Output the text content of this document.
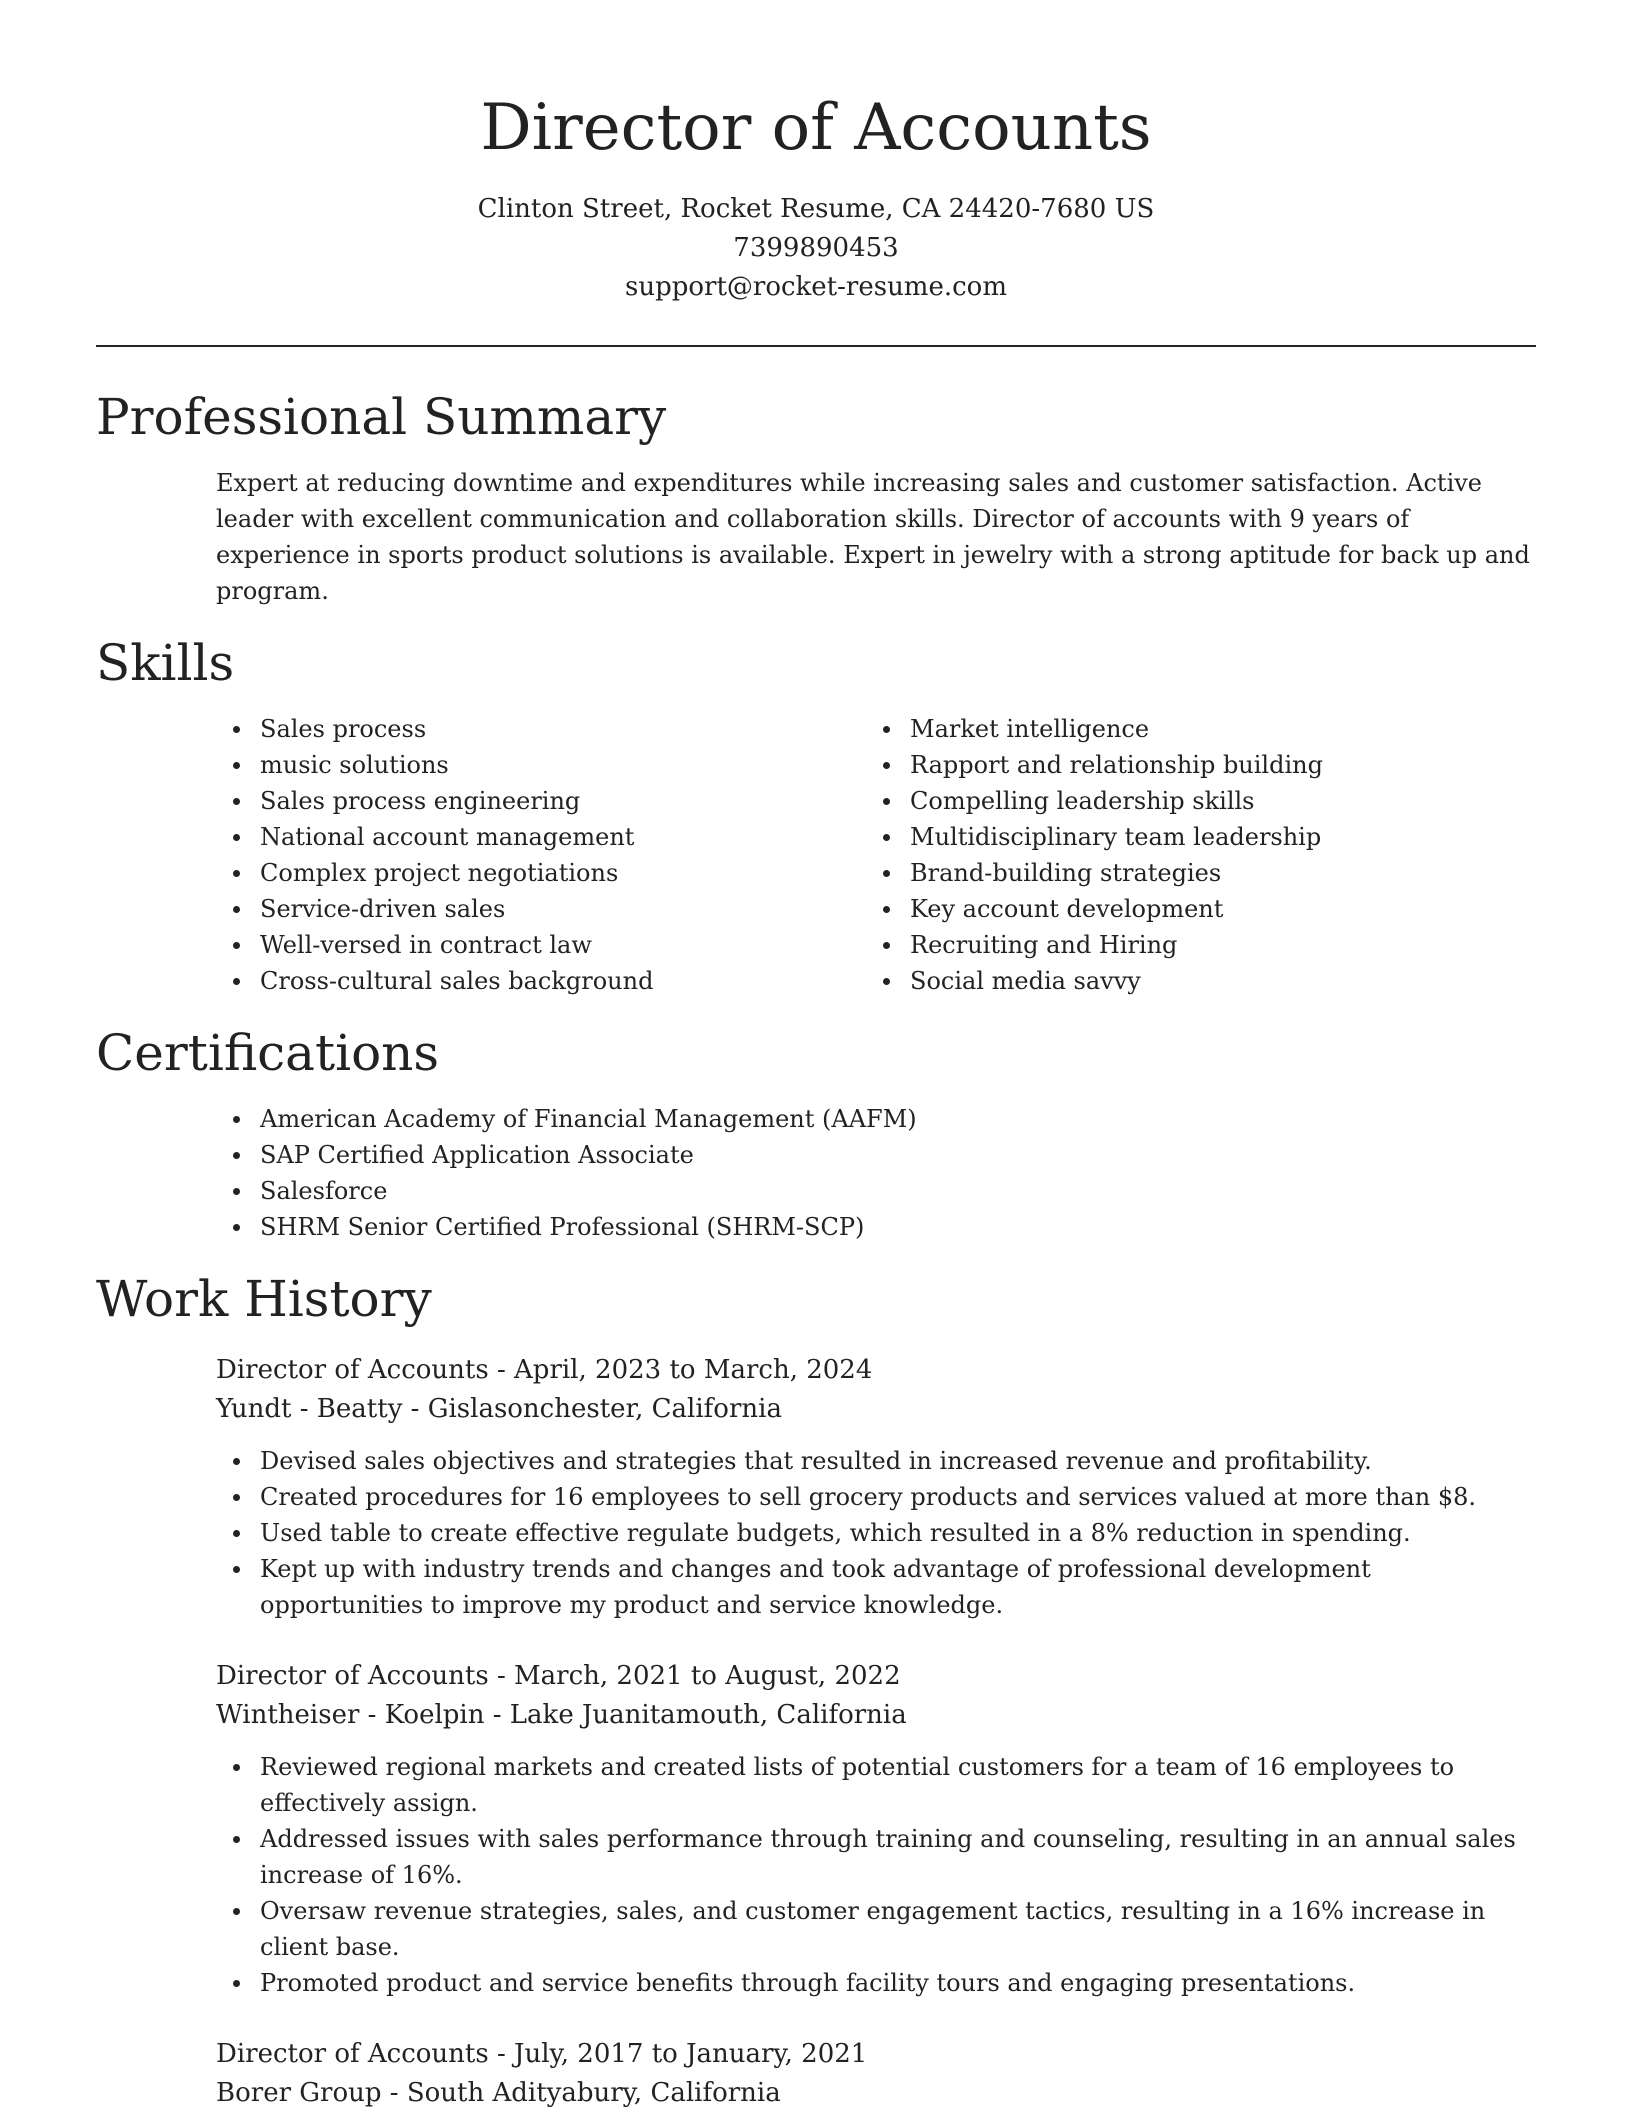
Director of Accounts

Clinton Street, Rocket Resume, CA 24420-7680 US

7399890453

support@rocket-resume.com

Professional Summary

Expert at reducing downtime and expenditures while increasing sales and customer satisfaction. Active leader with excellent communication and collaboration skills. Director of accounts with 9 years of experience in sports product solutions is available. Expert in jewelry with a strong aptitude for back up and program.

Skills
Sales process
music solutions
Sales process engineering
National account management
Complex project negotiations
Service-driven sales
Well-versed in contract law
Cross-cultural sales background
Market intelligence
Rapport and relationship building
Compelling leadership skills
Multidisciplinary team leadership
Brand-building strategies
Key account development
Recruiting and Hiring
Social media savvy
Certifications
American Academy of Financial Management (AAFM)
SAP Certified Application Associate
Salesforce
SHRM Senior Certified Professional (SHRM-SCP)
Work History
Director of Accounts - April, 2023 to March, 2024
Yundt - Beatty - Gislasonchester, California
Devised sales objectives and strategies that resulted in increased revenue and profitability.
Created procedures for 16 employees to sell grocery products and services valued at more than $8.
Used table to create effective regulate budgets, which resulted in a 8% reduction in spending.
Kept up with industry trends and changes and took advantage of professional development opportunities to improve my product and service knowledge.
Director of Accounts - March, 2021 to August, 2022
Wintheiser - Koelpin - Lake Juanitamouth, California
Reviewed regional markets and created lists of potential customers for a team of 16 employees to effectively assign.
Addressed issues with sales performance through training and counseling, resulting in an annual sales increase of 16%.
Oversaw revenue strategies, sales, and customer engagement tactics, resulting in a 16% increase in client base.
Promoted product and service benefits through facility tours and engaging presentations.
Director of Accounts - July, 2017 to January, 2021
Borer Group - South Adityabury, California
